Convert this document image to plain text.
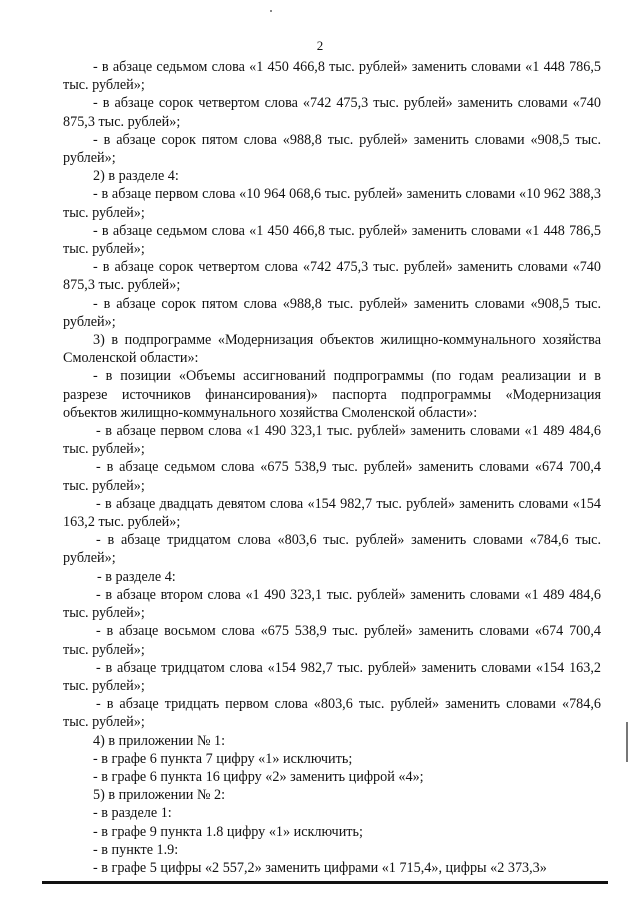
2
- в абзаце седьмом слова «1 450 466,8 тыс. рублей» заменить словами «1 448 786,5 тыс. рублей»;
- в абзаце сорок четвертом слова «742 475,3 тыс. рублей» заменить словами «740 875,3 тыс. рублей»;
- в абзаце сорок пятом слова «988,8 тыс. рублей» заменить словами «908,5 тыс. рублей»;
2) в разделе 4:
- в абзаце первом слова «10 964 068,6 тыс. рублей» заменить словами «10 962 388,3 тыс. рублей»;
- в абзаце седьмом слова «1 450 466,8 тыс. рублей» заменить словами «1 448 786,5 тыс. рублей»;
- в абзаце сорок четвертом слова «742 475,3 тыс. рублей» заменить словами «740 875,3 тыс. рублей»;
- в абзаце сорок пятом слова «988,8 тыс. рублей» заменить словами «908,5 тыс. рублей»;
3) в подпрограмме «Модернизация объектов жилищно-коммунального хозяйства Смоленской области»:
- в позиции «Объемы ассигнований подпрограммы (по годам реализации и в разрезе источников финансирования)» паспорта подпрограммы «Модернизация объектов жилищно-коммунального хозяйства Смоленской области»:
- в абзаце первом слова «1 490 323,1 тыс. рублей» заменить словами «1 489 484,6 тыс. рублей»;
- в абзаце седьмом слова «675 538,9 тыс. рублей» заменить словами «674 700,4 тыс. рублей»;
- в абзаце двадцать девятом слова «154 982,7 тыс. рублей» заменить словами «154 163,2 тыс. рублей»;
- в абзаце тридцатом слова «803,6 тыс. рублей» заменить словами «784,6 тыс. рублей»;
- в разделе 4:
- в абзаце втором слова «1 490 323,1 тыс. рублей» заменить словами «1 489 484,6 тыс. рублей»;
- в абзаце восьмом слова «675 538,9 тыс. рублей» заменить словами «674 700,4 тыс. рублей»;
- в абзаце тридцатом слова «154 982,7 тыс. рублей» заменить словами «154 163,2 тыс. рублей»;
- в абзаце тридцать первом слова «803,6 тыс. рублей» заменить словами «784,6 тыс. рублей»;
4) в приложении № 1:
- в графе 6 пункта 7 цифру «1» исключить;
- в графе 6 пункта 16 цифру «2» заменить цифрой «4»;
5) в приложении № 2:
- в разделе 1:
- в графе 9 пункта 1.8 цифру «1» исключить;
- в пункте 1.9:
- в графе 5 цифры «2 557,2» заменить цифрами «1 715,4», цифры «2 373,3»
